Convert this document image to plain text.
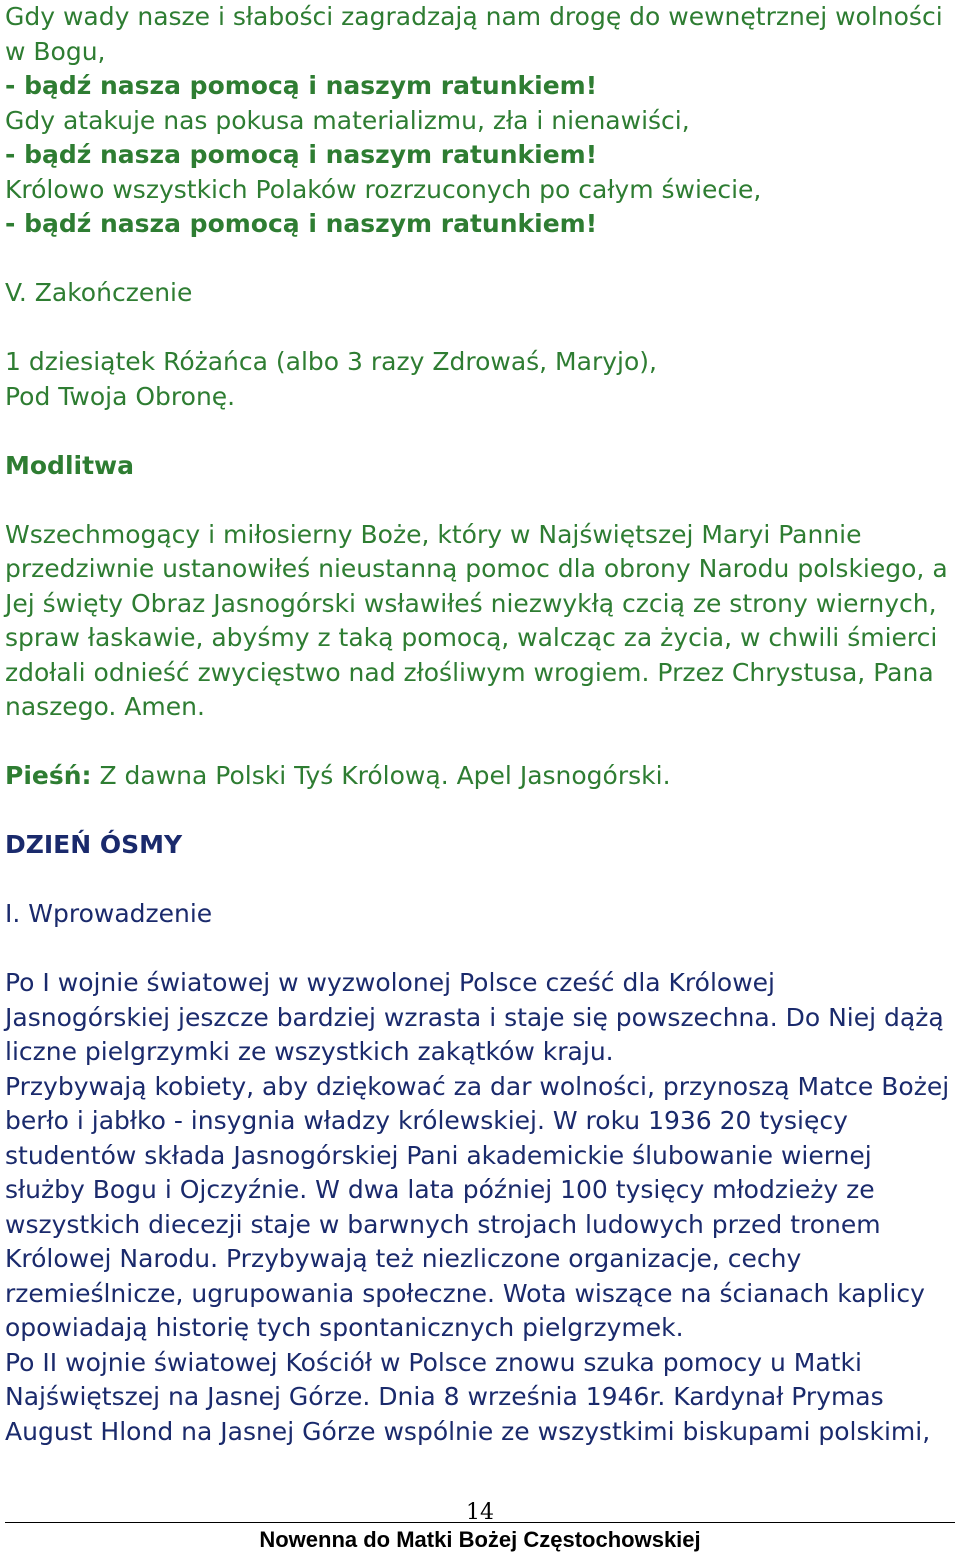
Gdy wady nasze i słabości zagradzają nam drogę do wewnętrznej wolności

w Bogu,

- bądź nasza pomocą i naszym ratunkiem!

Gdy atakuje nas pokusa materializmu, zła i nienawiści,

- bądź nasza pomocą i naszym ratunkiem!

Królowo wszystkich Polaków rozrzuconych po całym świecie,

- bądź nasza pomocą i naszym ratunkiem!

V. Zakończenie

1 dziesiątek Różańca (albo 3 razy Zdrowaś, Maryjo),

Pod Twoja Obronę.

Modlitwa

Wszechmogący i miłosierny Boże, który w Najświętszej Maryi Pannie

przedziwnie ustanowiłeś nieustanną pomoc dla obrony Narodu polskiego, a

Jej święty Obraz Jasnogórski wsławiłeś niezwykłą czcią ze strony wiernych,

spraw łaskawie, abyśmy z taką pomocą, walcząc za życia, w chwili śmierci

zdołali odnieść zwycięstwo nad złośliwym wrogiem. Przez Chrystusa, Pana

naszego. Amen.

Pieśń: Z dawna Polski Tyś Królową. Apel Jasnogórski.

DZIEŃ ÓSMY

I. Wprowadzenie

Po I wojnie światowej w wyzwolonej Polsce cześć dla Królowej

Jasnogórskiej jeszcze bardziej wzrasta i staje się powszechna. Do Niej dążą

liczne pielgrzymki ze wszystkich zakątków kraju.

Przybywają kobiety, aby dziękować za dar wolności, przynoszą Matce Bożej

berło i jabłko - insygnia władzy królewskiej. W roku 1936 20 tysięcy

studentów składa Jasnogórskiej Pani akademickie ślubowanie wiernej

służby Bogu i Ojczyźnie. W dwa lata później 100 tysięcy młodzieży ze

wszystkich diecezji staje w barwnych strojach ludowych przed tronem

Królowej Narodu. Przybywają też niezliczone organizacje, cechy

rzemieślnicze, ugrupowania społeczne. Wota wiszące na ścianach kaplicy

opowiadają historię tych spontanicznych pielgrzymek.

Po II wojnie światowej Kościół w Polsce znowu szuka pomocy u Matki

Najświętszej na Jasnej Górze. Dnia 8 września 1946r. Kardynał Prymas

August Hlond na Jasnej Górze wspólnie ze wszystkimi biskupami polskimi,

14
Nowenna do Matki Bożej Częstochowskiej
